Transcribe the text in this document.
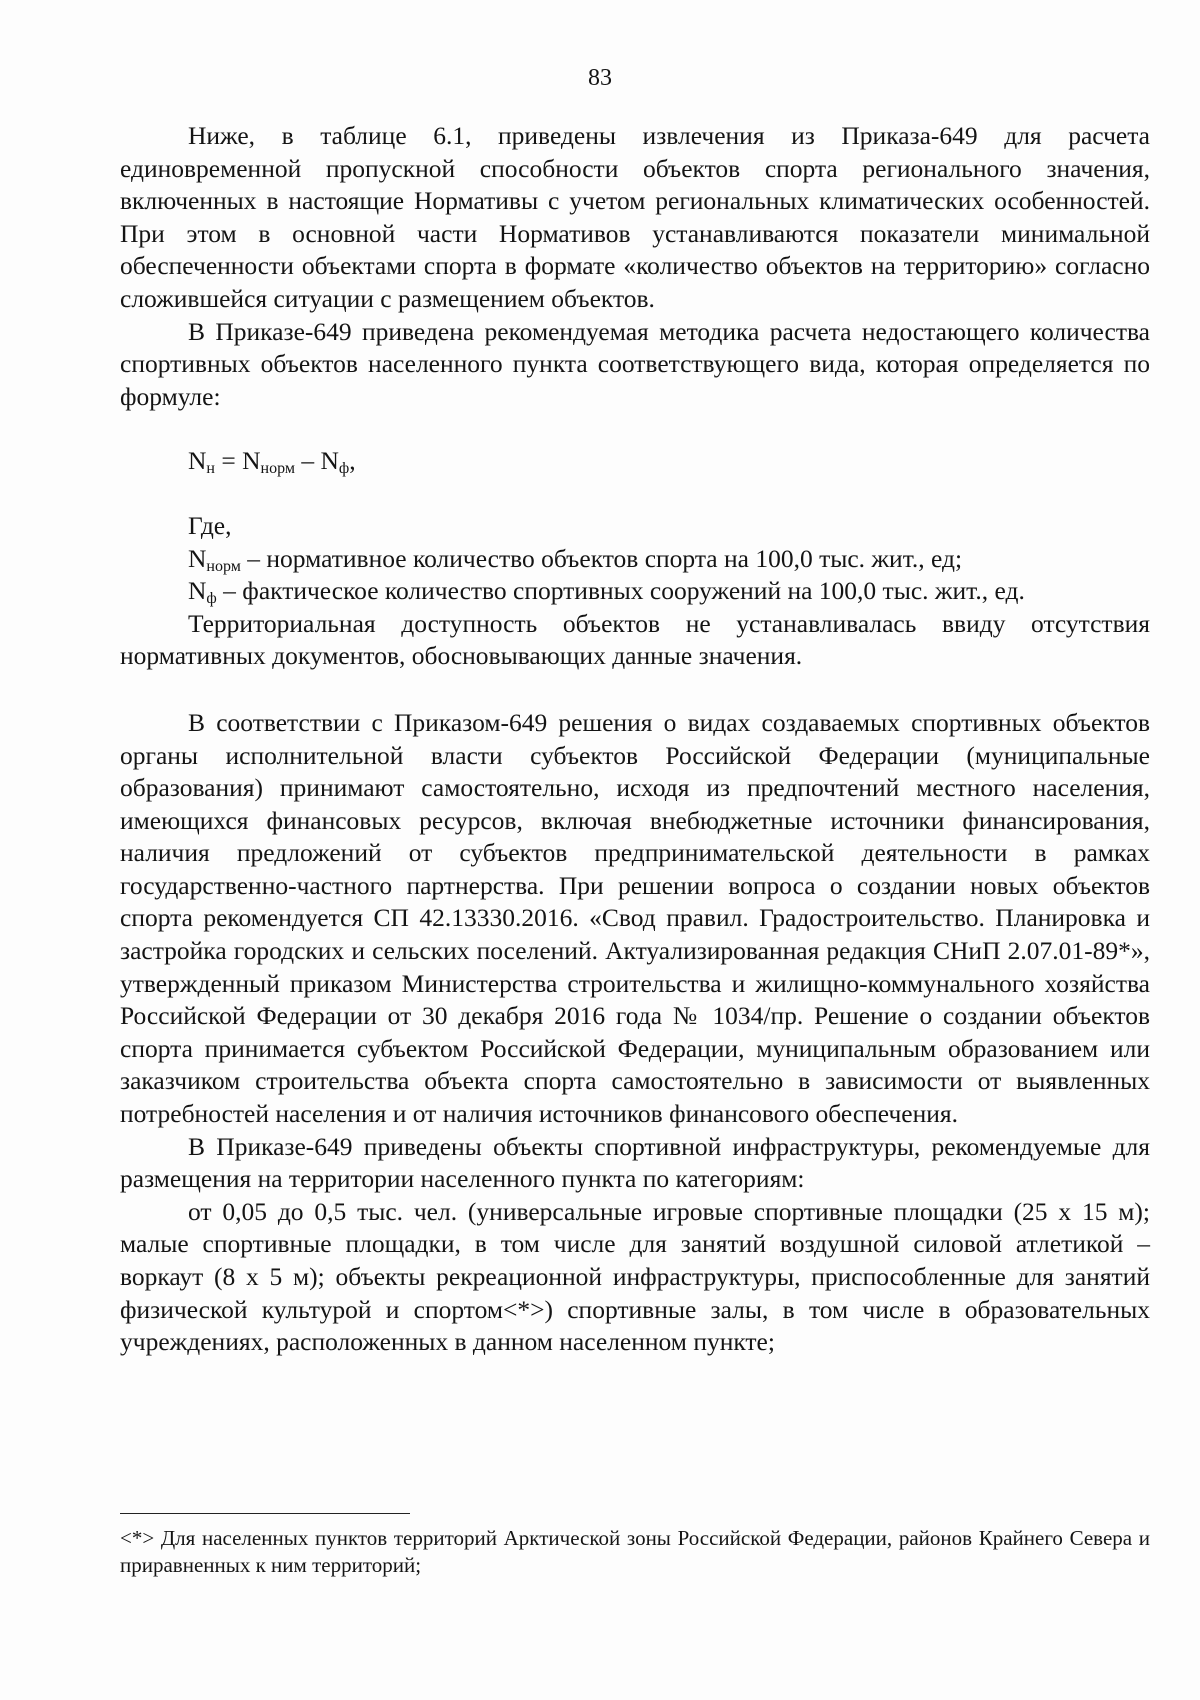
83

Ниже, в таблице 6.1, приведены извлечения из Приказа-649 для расчета единовременной пропускной способности объектов спорта регионального значения, включенных в настоящие Нормативы с учетом региональных климатических особенностей. При этом в основной части Нормативов устанавливаются показатели минимальной обеспеченности объектами спорта в формате «количество объектов на территорию» согласно сложившейся ситуации с размещением объектов.

В Приказе-649 приведена рекомендуемая методика расчета недостающего количества спортивных объектов населенного пункта соответствующего вида, которая определяется по формуле:

$N_н = N_{норм} - N_ф$,

Где,

$N_{норм}$ – нормативное количество объектов спорта на 100,0 тыс. жит., ед;

$N_ф$ – фактическое количество спортивных сооружений на 100,0 тыс. жит., ед.

Территориальная доступность объектов не устанавливалась ввиду отсутствия нормативных документов, обосновывающих данные значения.

В соответствии с Приказом-649 решения о видах создаваемых спортивных объектов органы исполнительной власти субъектов Российской Федерации (муниципальные образования) принимают самостоятельно, исходя из предпочтений местного населения, имеющихся финансовых ресурсов, включая внебюджетные источники финансирования, наличия предложений от субъектов предпринимательской деятельности в рамках государственно-частного партнерства. При решении вопроса о создании новых объектов спорта рекомендуется СП 42.13330.2016. «Свод правил. Градостроительство. Планировка и застройка городских и сельских поселений. Актуализированная редакция СНиП 2.07.01-89*», утвержденный приказом Министерства строительства и жилищно-коммунального хозяйства Российской Федерации от 30 декабря 2016 года № 1034/пр. Решение о создании объектов спорта принимается субъектом Российской Федерации, муниципальным образованием или заказчиком строительства объекта спорта самостоятельно в зависимости от выявленных потребностей населения и от наличия источников финансового обеспечения.

В Приказе-649 приведены объекты спортивной инфраструктуры, рекомендуемые для размещения на территории населенного пункта по категориям:

от 0,05 до 0,5 тыс. чел. (универсальные игровые спортивные площадки (25 х 15 м); малые спортивные площадки, в том числе для занятий воздушной силовой атлетикой – воркаут (8 х 5 м); объекты рекреационной инфраструктуры, приспособленные для занятий физической культурой и спортом<*>) спортивные залы, в том числе в образовательных учреждениях, расположенных в данном населенном пункте;

<*> Для населенных пунктов территорий Арктической зоны Российской Федерации, районов Крайнего Севера и приравненных к ним территорий;
